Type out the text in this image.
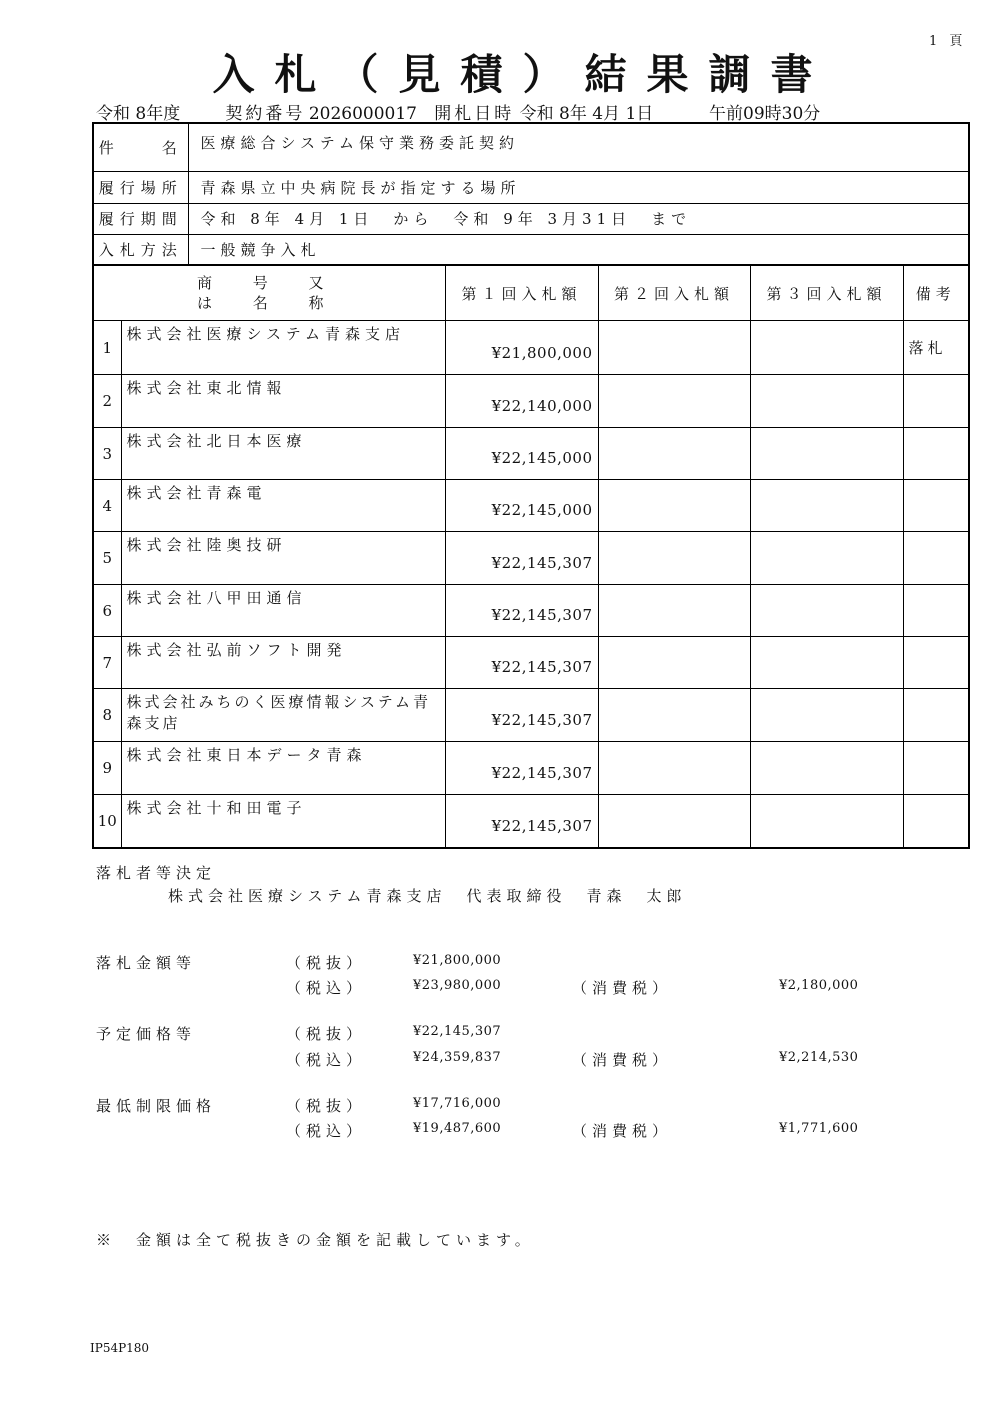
1 頁
入札（見積）結果調書
令和 8年度	契約番号 2026000017 開札日時 令和 8年 4月 1日	午前09時30分
件　　名	医療総合システム保守業務委託契約
履行場所	青森県立中央病院長が指定する場所
履行期間	令和 8年 4月 1日　から　令和 9年 3月31日　まで
入札方法	一般競争入札
商 号 又
は 名 称		第１回入札額	第２回入札額	第３回入札額	備考
1	株式会社医療システム青森支店	¥21,800,000			落札
2	株式会社東北情報	¥22,140,000			
3	株式会社北日本医療	¥22,145,000			
4	株式会社青森電	¥22,145,000			
5	株式会社陸奥技研	¥22,145,307			
6	株式会社八甲田通信	¥22,145,307			
7	株式会社弘前ソフト開発	¥22,145,307			
8	株式会社みちのく医療情報システム青森支店	¥22,145,307			
9	株式会社東日本データ青森	¥22,145,307			
10	株式会社十和田電子	¥22,145,307			
落札者等決定
株式会社医療システム青森支店　代表取締役　青森　太郎
落札金額等	（税抜）	¥21,800,000
（税込）	¥23,980,000	（消費税）	¥2,180,000
予定価格等	（税抜）	¥22,145,307
（税込）	¥24,359,837	（消費税）	¥2,214,530
最低制限価格	（税抜）	¥17,716,000
（税込）	¥19,487,600	（消費税）	¥1,771,600
※　金額は全て税抜きの金額を記載しています。
IP54P180
